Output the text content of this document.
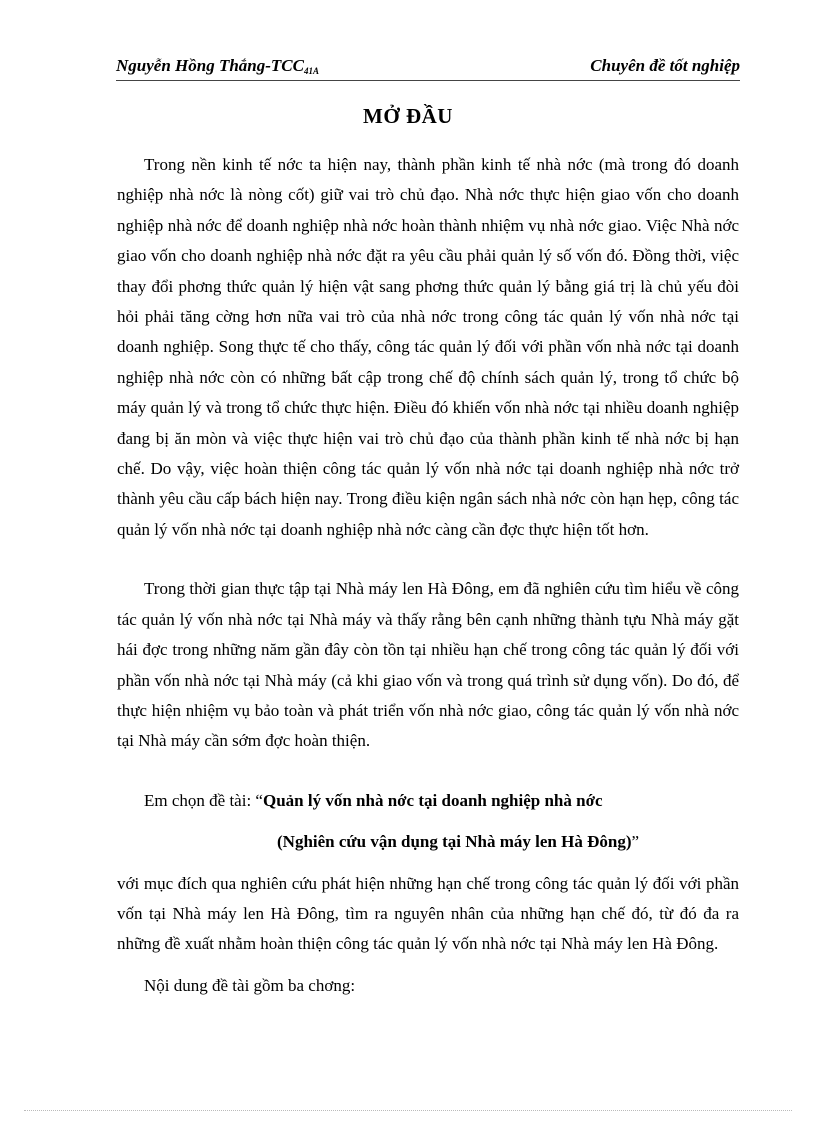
Nguyễn Hồng Thắng-$TCC_{41A}$	Chuyên đề tốt nghiệp
MỞ ĐẦU

Trong nền kinh tế nớc ta hiện nay, thành phần kinh tế nhà nớc (mà trong đó doanh nghiệp nhà nớc là nòng cốt) giữ vai trò chủ đạo. Nhà nớc thực hiện giao vốn cho doanh nghiệp nhà nớc để doanh nghiệp nhà nớc hoàn thành nhiệm vụ nhà nớc giao. Việc Nhà nớc giao vốn cho doanh nghiệp nhà nớc đặt ra yêu cầu phải quản lý số vốn đó. Đồng thời, việc thay đổi phơng thức quản lý hiện vật sang phơng thức quản lý bằng giá trị là chủ yếu đòi hỏi phải tăng cờng hơn nữa vai trò của nhà nớc trong công tác quản lý vốn nhà nớc tại doanh nghiệp. Song thực tế cho thấy, công tác quản lý đối với phần vốn nhà nớc tại doanh nghiệp nhà nớc còn có những bất cập trong chế độ chính sách quản lý, trong tổ chức bộ máy quản lý và trong tổ chức thực hiện. Điều đó khiến vốn nhà nớc tại nhiều doanh nghiệp đang bị ăn mòn và việc thực hiện vai trò chủ đạo của thành phần kinh tế nhà nớc bị hạn chế. Do vậy, việc hoàn thiện công tác quản lý vốn nhà nớc tại doanh nghiệp nhà nớc trở thành yêu cầu cấp bách hiện nay. Trong điều kiện ngân sách nhà nớc còn hạn hẹp, công tác quản lý vốn nhà nớc tại doanh nghiệp nhà nớc càng cần đợc thực hiện tốt hơn.

Trong thời gian thực tập tại Nhà máy len Hà Đông, em đã nghiên cứu tìm hiểu về công tác quản lý vốn nhà nớc tại Nhà máy và thấy rằng bên cạnh những thành tựu Nhà máy gặt hái đợc trong những năm gần đây còn tồn tại nhiều hạn chế trong công tác quản lý đối với phần vốn nhà nớc tại Nhà máy (cả khi giao vốn và trong quá trình sử dụng vốn). Do đó, để thực hiện nhiệm vụ bảo toàn và phát triển vốn nhà nớc giao, công tác quản lý vốn nhà nớc tại Nhà máy cần sớm đợc hoàn thiện.

Em chọn đề tài: “Quản lý vốn nhà nớc tại doanh nghiệp nhà nớc

(Nghiên cứu vận dụng tại Nhà máy len Hà Đông)”

với mục đích qua nghiên cứu phát hiện những hạn chế trong công tác quản lý đối với phần vốn tại Nhà máy len Hà Đông, tìm ra nguyên nhân của những hạn chế đó, từ đó đa ra những đề xuất nhằm hoàn thiện công tác quản lý vốn nhà nớc tại Nhà máy len Hà Đông.

Nội dung đề tài gồm ba chơng:
